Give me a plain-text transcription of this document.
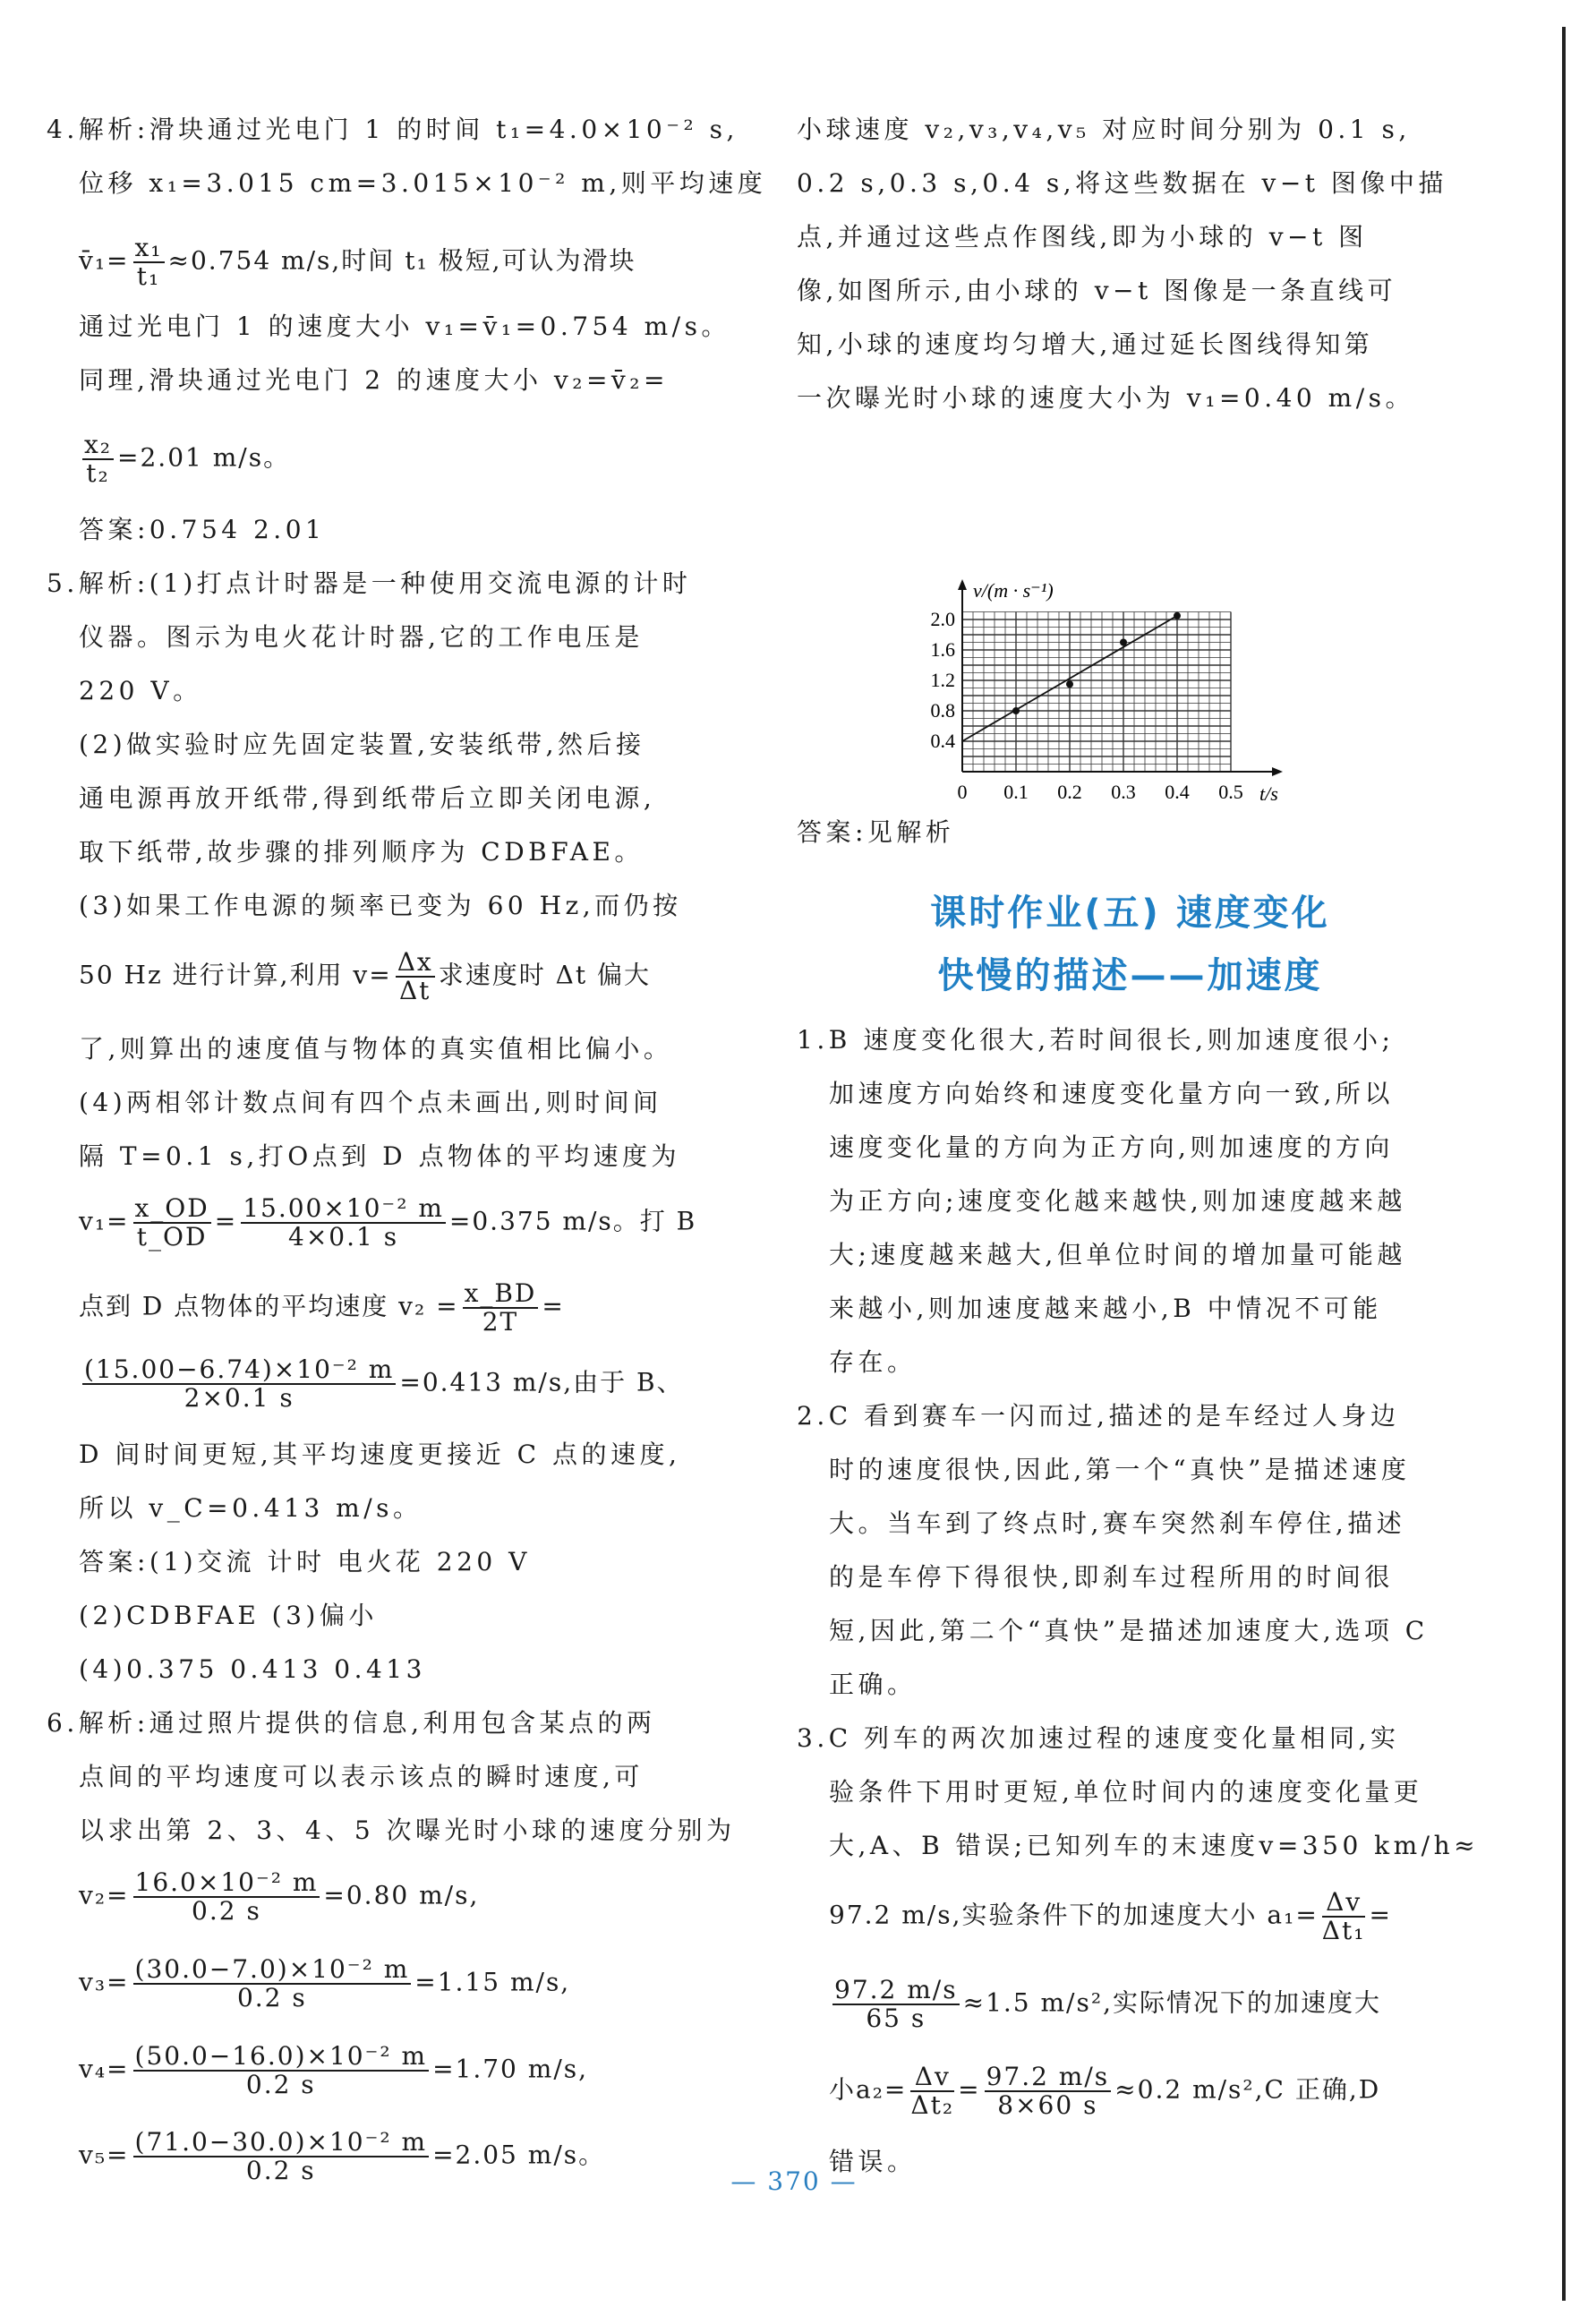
4.解析:滑块通过光电门 1 的时间 t₁=4.0×10⁻² s,
位移 x₁=3.015 cm=3.015×10⁻² m,则平均速度
v̄₁= $\frac{\text{x₁}}{\text{t₁}} \approx 0.754$ m/s,时间 t₁ 极短,可认为滑块
通过光电门 1 的速度大小 v₁=v̄₁=0.754 m/s。
同理,滑块通过光电门 2 的速度大小 v₂=v̄₂=
$\frac{\text{x₂}}{\text{t₂}} =2.01$ m/s。
答案:0.754 2.01
5.解析:(1)打点计时器是一种使用交流电源的计时
仪器。图示为电火花计时器,它的工作电压是
220 V。
(2)做实验时应先固定装置,安装纸带,然后接
通电源再放开纸带,得到纸带后立即关闭电源,
取下纸带,故步骤的排列顺序为 CDBFAE。
(3)如果工作电源的频率已变为 60 Hz,而仍按
50 Hz 进行计算,利用 $v= \frac{\Delta x}{\Delta t}$ 求速度时 Δt 偏大
了,则算出的速度值与物体的真实值相比偏小。
(4)两相邻计数点间有四个点未画出,则时间间
隔 T=0.1 s,打O点到 D 点物体的平均速度为
$v_1= \frac{x\_OD}{t\_OD} = \frac{\text{15.00×10⁻² m}}{4\times 0.1 s} =0.375$ m/s。打 B
点到 D 点物体的平均速度 $v_2 = \frac{x\_BD}{2T}$ =
$\frac{\text{(15.00−6.74)×10⁻² m}}{2\times 0.1 s} =0.413$ m/s,由于 B、
D 间时间更短,其平均速度更接近 C 点的速度,
所以 v_C=0.413 m/s。
答案:(1)交流 计时 电火花 220 V
(2)CDBFAE (3)偏小
(4)0.375 0.413 0.413
6.解析:通过照片提供的信息,利用包含某点的两
点间的平均速度可以表示该点的瞬时速度,可
以求出第 2、3、4、5 次曝光时小球的速度分别为
$v_2= \frac{\text{16.0×10⁻² m}}{0.2 s} =0.80$ m/s,
$v_3= \frac{\text{(30.0−7.0)×10⁻² m}}{0.2 s} =1.15$ m/s,
$v_4= \frac{\text{(50.0−16.0)×10⁻² m}}{0.2 s} =1.70$ m/s,
$v_5= \frac{\text{(71.0−30.0)×10⁻² m}}{0.2 s} =2.05$ m/s。
小球速度 v₂,v₃,v₄,v₅ 对应时间分别为 0.1 s,
0.2 s,0.3 s,0.4 s,将这些数据在 v−t 图像中描
点,并通过这些点作图线,即为小球的 v−t 图
像,如图所示,由小球的 v−t 图像是一条直线可
知,小球的速度均匀增大,通过延长图线得知第
一次曝光时小球的速度大小为 v₁=0.40 m/s。
0 0.1 0.2 0.3 0.4 0.5
0.4
0.8
1.2
1.6
2.0
v/(m · s⁻¹)
t/s
答案:见解析
课时作业(五) 速度变化
快慢的描述——加速度
1.B 速度变化很大,若时间很长,则加速度很小;
加速度方向始终和速度变化量方向一致,所以
速度变化量的方向为正方向,则加速度的方向
为正方向;速度变化越来越快,则加速度越来越
大;速度越来越大,但单位时间的增加量可能越
来越小,则加速度越来越小,B 中情况不可能
存在。
2.C 看到赛车一闪而过,描述的是车经过人身边
时的速度很快,因此,第一个“真快”是描述速度
大。当车到了终点时,赛车突然刹车停住,描述
的是车停下得很快,即刹车过程所用的时间很
短,因此,第二个“真快”是描述加速度大,选项 C
正确。
3.C 列车的两次加速过程的速度变化量相同,实
验条件下用时更短,单位时间内的速度变化量更
大,A、B 错误;已知列车的末速度v=350 km/h≈
97.2 m/s,实验条件下的加速度大小 $a_1= \frac{\Delta v}{\text{Δt₁}}$ =
$\frac{97.2 m/s}{65 s} \approx 1.5$ m/s²,实际情况下的加速度大
小$a_2= \frac{\Delta v}{\text{Δt₂}} = \frac{97.2 m/s}{8\times 60 s} \approx 0.2$ m/s²,C 正确,D
错误。
— 370 —
